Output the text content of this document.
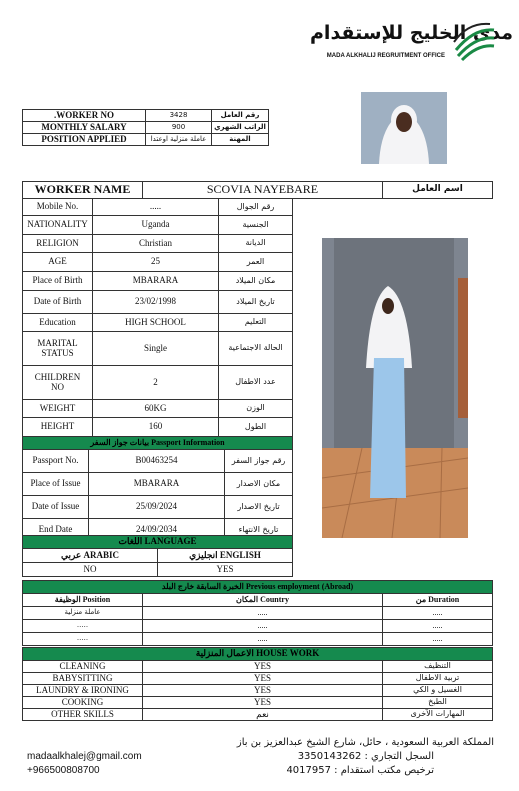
مدى الخليج للإستقدام
MADA ALKHALIJ REGRUITMENT OFFICE
.WORKER NO	3428	رقم العامل
MONTHLY SALARY	900	الراتب الشهري
POSITION APPLIED	عاملة منزلية اوعتدا	المهنة
WORKER NAME	SCOVIA NAYEBARE	اسم العامل
Mobile No.	.....	رقم الجوال
NATIONALITY	Uganda	الجنسية
RELIGION	Christian	الديانة
AGE	25	العمر
Place of Birth	MBARARA	مكان الميلاد
Date of Birth	23/02/1998	تاريخ الميلاد
Education	HIGH SCHOOL	التعليم
MARITAL
STATUS	Single	الحالة الاجتماعية
CHILDREN
NO	2	عدد الاطفال
WEIGHT	60KG	الوزن
HEIGHT	160	الطول
بيانات جواز السفر Passport Information		
Passport No.	B00463254	رقم جواز السفر
Place of Issue	MBARARA	مكان الاصدار
Date of Issue	25/09/2024	تاريخ الاصدار
End Date	24/09/2034	تاريخ الانتهاء
اللغات LANGUAGE	
عربي ARABIC	انجليزي ENGLISH
NO	YES
الخبرة السابقة خارج البلد Previous employment (Abroad)		
الوظيفة Position	المكان Country	من Duration
عاملة منزلية	.....	.....
.....	.....	.....
.....	.....	.....
الاعمال المنزلية HOUSE WORK		
CLEANING	YES	التنظيف
BABYSITTING	YES	تربية الاطفال
LAUNDRY & IRONING	YES	الغسيل و الكي
COOKING	YES	الطبخ
OTHER SKILLS	نعم	المهارات الآخرى
madaalkhalej@gmail.com
+966500808700
المملكة العربية السعودية ، حائل، شارع الشيخ عبدالعزيز بن باز
السجل التجاري : 3350143262
ترخيص مكتب استقدام : 4017957
